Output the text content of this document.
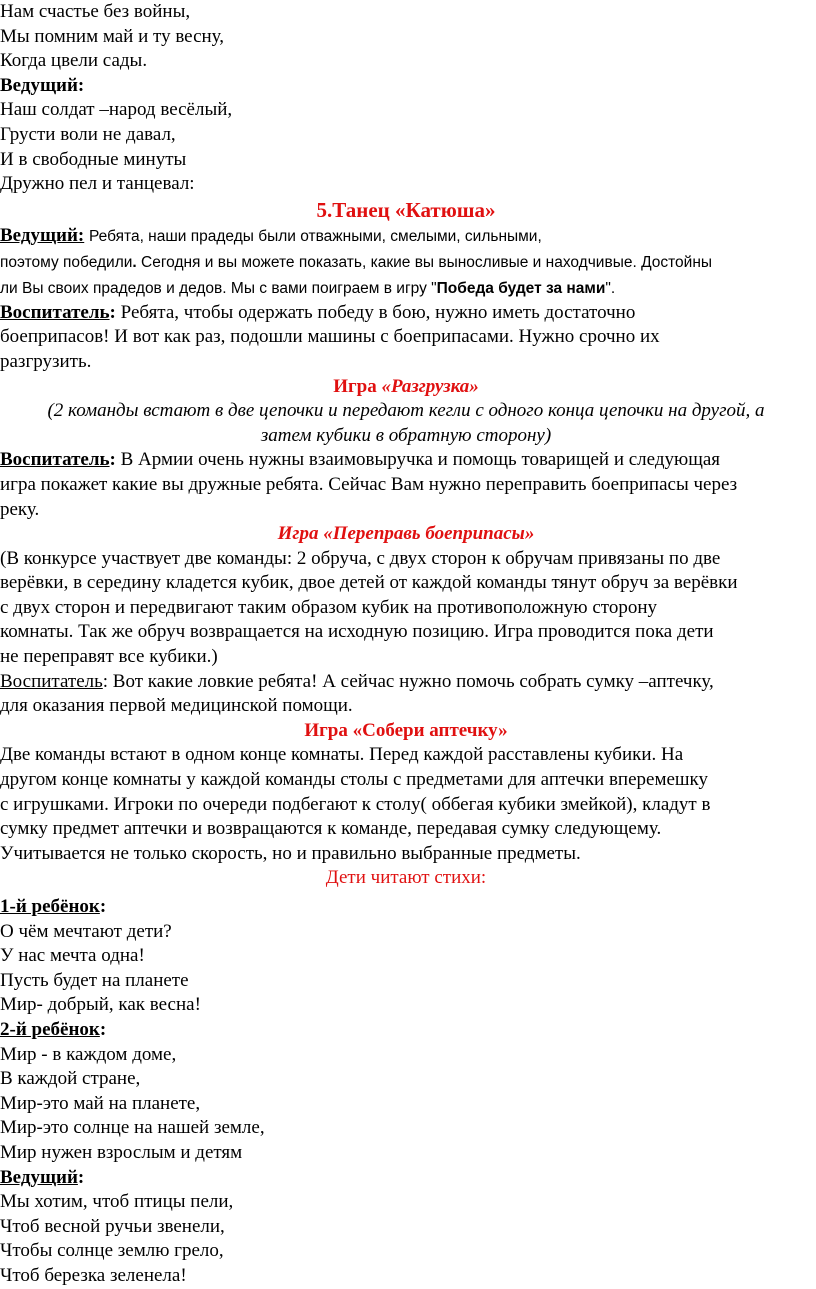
Нам счастье без войны,
Мы помним май и ту весну,
Когда цвели сады.
Ведущий:
Наш солдат –народ весёлый,
Грусти воли не давал,
И в свободные минуты
Дружно пел и танцевал:
5.Танец «Катюша»
Ведущий: Ребята, наши прадеды были отважными, смелыми, сильными,
поэтому победили. Сегодня и вы можете показать, какие вы выносливые и находчивые. Достойны
ли Вы своих прадедов и дедов. Мы с вами поиграем в игру "Победа будет за нами".
Воспитатель: Ребята, чтобы одержать победу в бою, нужно иметь достаточно
боеприпасов! И вот как раз, подошли машины с боеприпасами. Нужно срочно их
разгрузить.
Игра «Разгрузка»
(2 команды встают в две цепочки и передают кегли с одного конца цепочки на другой, а
затем кубики в обратную сторону)
Воспитатель: В Армии очень нужны взаимовыручка и помощь товарищей и следующая
игра покажет какие вы дружные ребята. Сейчас Вам нужно переправить боеприпасы через
реку.
Игра «Переправь боеприпасы»
(В конкурсе участвует две команды: 2 обруча, с двух сторон к обручам привязаны по две
верёвки, в середину кладется кубик, двое детей от каждой команды тянут обруч за верёвки
с двух сторон и передвигают таким образом кубик на противоположную сторону
комнаты. Так же обруч возвращается на исходную позицию. Игра проводится пока дети
не переправят все кубики.)
Воспитатель: Вот какие ловкие ребята! А сейчас нужно помочь собрать сумку –аптечку,
для оказания первой медицинской помощи.
Игра «Собери аптечку»
Две команды встают в одном конце комнаты. Перед каждой расставлены кубики. На
другом конце комнаты у каждой команды столы с предметами для аптечки вперемешку
с игрушками. Игроки по очереди подбегают к столу( оббегая кубики змейкой), кладут в
сумку предмет аптечки и возвращаются к команде, передавая сумку следующему.
Учитывается не только скорость, но и правильно выбранные предметы.
Дети читают стихи:
1-й ребёнок:
О чём мечтают дети?
У нас мечта одна!
Пусть будет на планете
Мир- добрый, как весна!
2-й ребёнок:
Мир - в каждом доме,
В каждой стране,
Мир-это май на планете,
Мир-это солнце на нашей земле,
Мир нужен взрослым и детям
Ведущий:
Мы хотим, чтоб птицы пели,
Чтоб весной ручьи звенели,
Чтобы солнце землю грело,
Чтоб березка зеленела!
